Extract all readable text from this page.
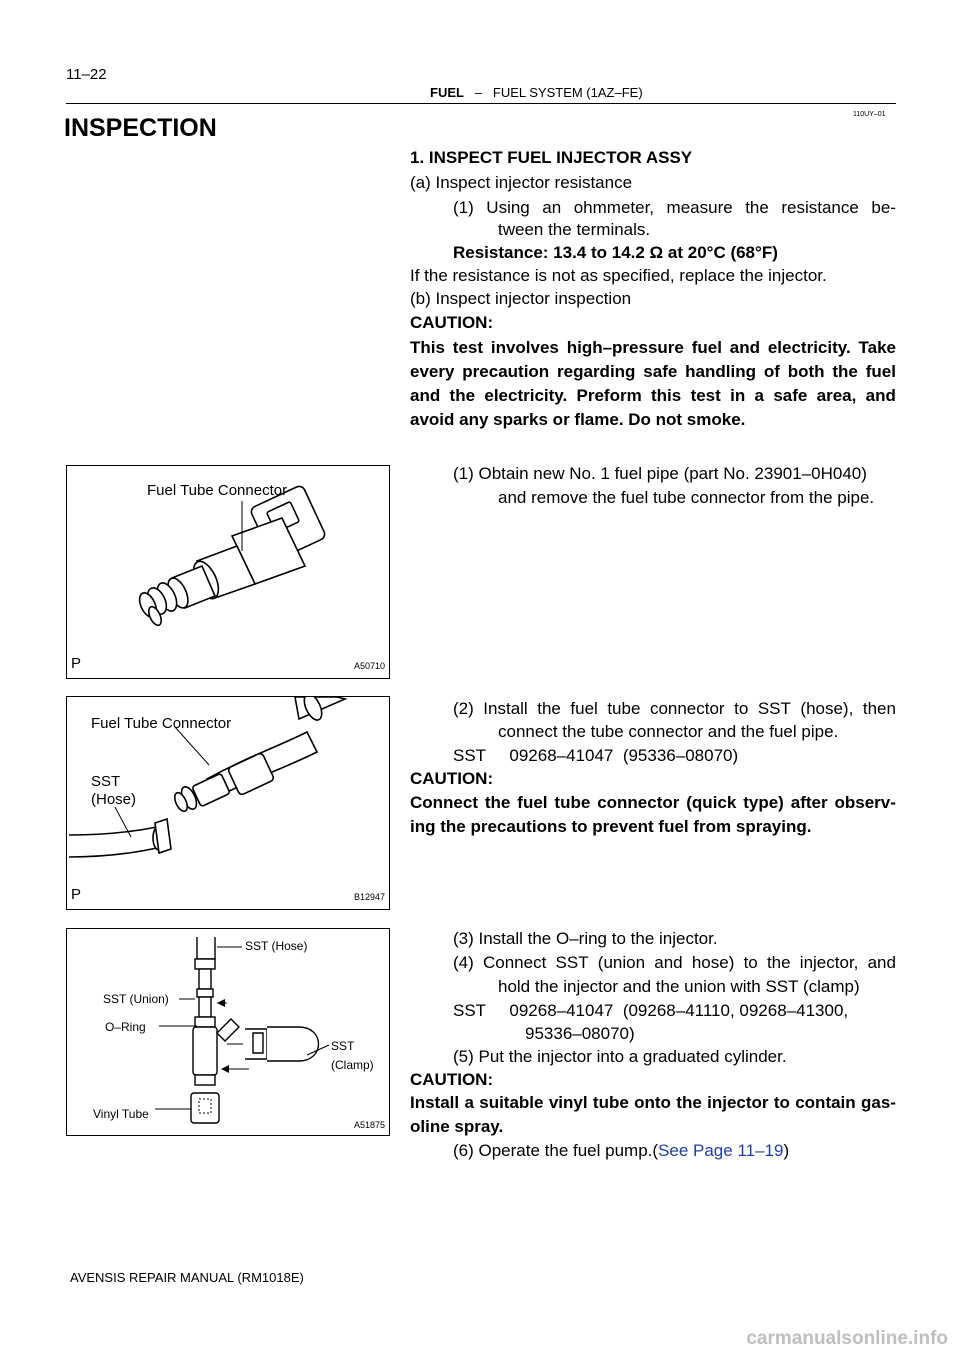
11–22
FUEL – FUEL SYSTEM (1AZ–FE)
110UY–01
INSPECTION
1. INSPECT FUEL INJECTOR ASSY
(a) Inspect injector resistance
(1) Using an ohmmeter, measure the resistance be-
tween the terminals.
Resistance: 13.4 to 14.2 Ω at 20°C (68°F)
If the resistance is not as specified, replace the injector.
(b) Inspect injector inspection
CAUTION:
This test involves high–pressure fuel and electricity. Take
every precaution regarding safe handling of both the fuel
and the electricity. Preform this test in a safe area, and
avoid any sparks or flame. Do not smoke.
(1) Obtain new No. 1 fuel pipe (part No. 23901–0H040)
and remove the fuel tube connector from the pipe.
(2) Install the fuel tube connector to SST (hose), then
connect the tube connector and the fuel pipe.
SST     09268–41047  (95336–08070)
CAUTION:
Connect the fuel tube connector (quick type) after observ-
ing the precautions to prevent fuel from spraying.
(3) Install the O–ring to the injector.
(4) Connect SST (union and hose) to the injector, and
hold the injector and the union with SST (clamp)
SST     09268–41047  (09268–41110, 09268–41300,
95336–08070)
(5) Put the injector into a graduated cylinder.
CAUTION:
Install a suitable vinyl tube onto the injector to contain gas-
oline spray.
(6) Operate the fuel pump.(See Page 11–19)
Fuel Tube Connector
P	A50710
Fuel Tube Connector
SST
(Hose)
P	B12947
SST (Hose)
SST (Union)
O–Ring
SST
(Clamp)
Vinyl Tube
A51875
AVENSIS REPAIR MANUAL (RM1018E)
carmanualsonline.info
